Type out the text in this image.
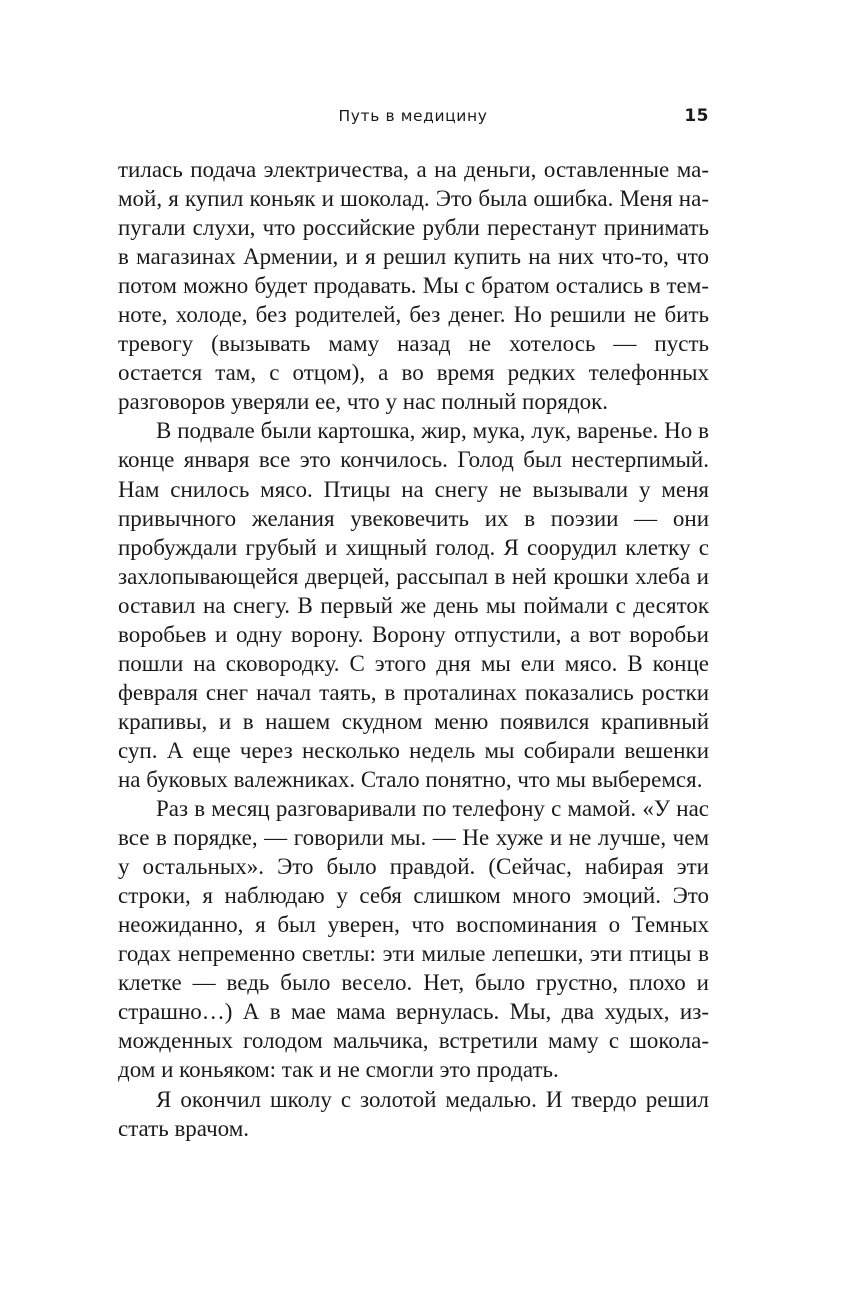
Путь в медицину	15

тилась подача электричества, а на деньги, оставленные мамой, я купил коньяк и шоколад. Это была ошибка. Меня напугали слухи, что российские рубли перестанут принимать в магазинах Армении, и я решил купить на них что-то, что потом можно будет продавать. Мы с братом остались в темноте, холоде, без родителей, без денег. Но решили не бить тревогу (вызывать маму назад не хотелось — пусть остается там, с отцом), а во время редких телефонных разговоров уверяли ее, что у нас полный порядок.

В подвале были картошка, жир, мука, лук, варенье. Но в конце января все это кончилось. Голод был нестерпимый. Нам снилось мясо. Птицы на снегу не вызывали у меня привычного желания увековечить их в поэзии — они пробуждали грубый и хищный голод. Я соорудил клетку с захлопывающейся дверцей, рассыпал в ней крошки хлеба и оставил на снегу. В первый же день мы поймали с десяток воробьев и одну ворону. Ворону отпустили, а вот воробьи пошли на сковородку. С этого дня мы ели мясо. В конце февраля снег начал таять, в проталинах показались ростки крапивы, и в нашем скудном меню появился крапивный суп. А еще через несколько недель мы собирали вешенки на буковых валежниках. Стало понятно, что мы выберемся.

Раз в месяц разговаривали по телефону с мамой. «У нас все в порядке, — говорили мы. — Не хуже и не лучше, чем у остальных». Это было правдой. (Сейчас, набирая эти строки, я наблюдаю у себя слишком много эмоций. Это неожиданно, я был уверен, что воспоминания о Темных годах непременно светлы: эти милые лепешки, эти птицы в клетке — ведь было весело. Нет, было грустно, плохо и страшно…) А в мае мама вернулась. Мы, два худых, изможденных голодом мальчика, встретили маму с шоколадом и коньяком: так и не смогли это продать.

Я окончил школу с золотой медалью. И твердо решил стать врачом.
